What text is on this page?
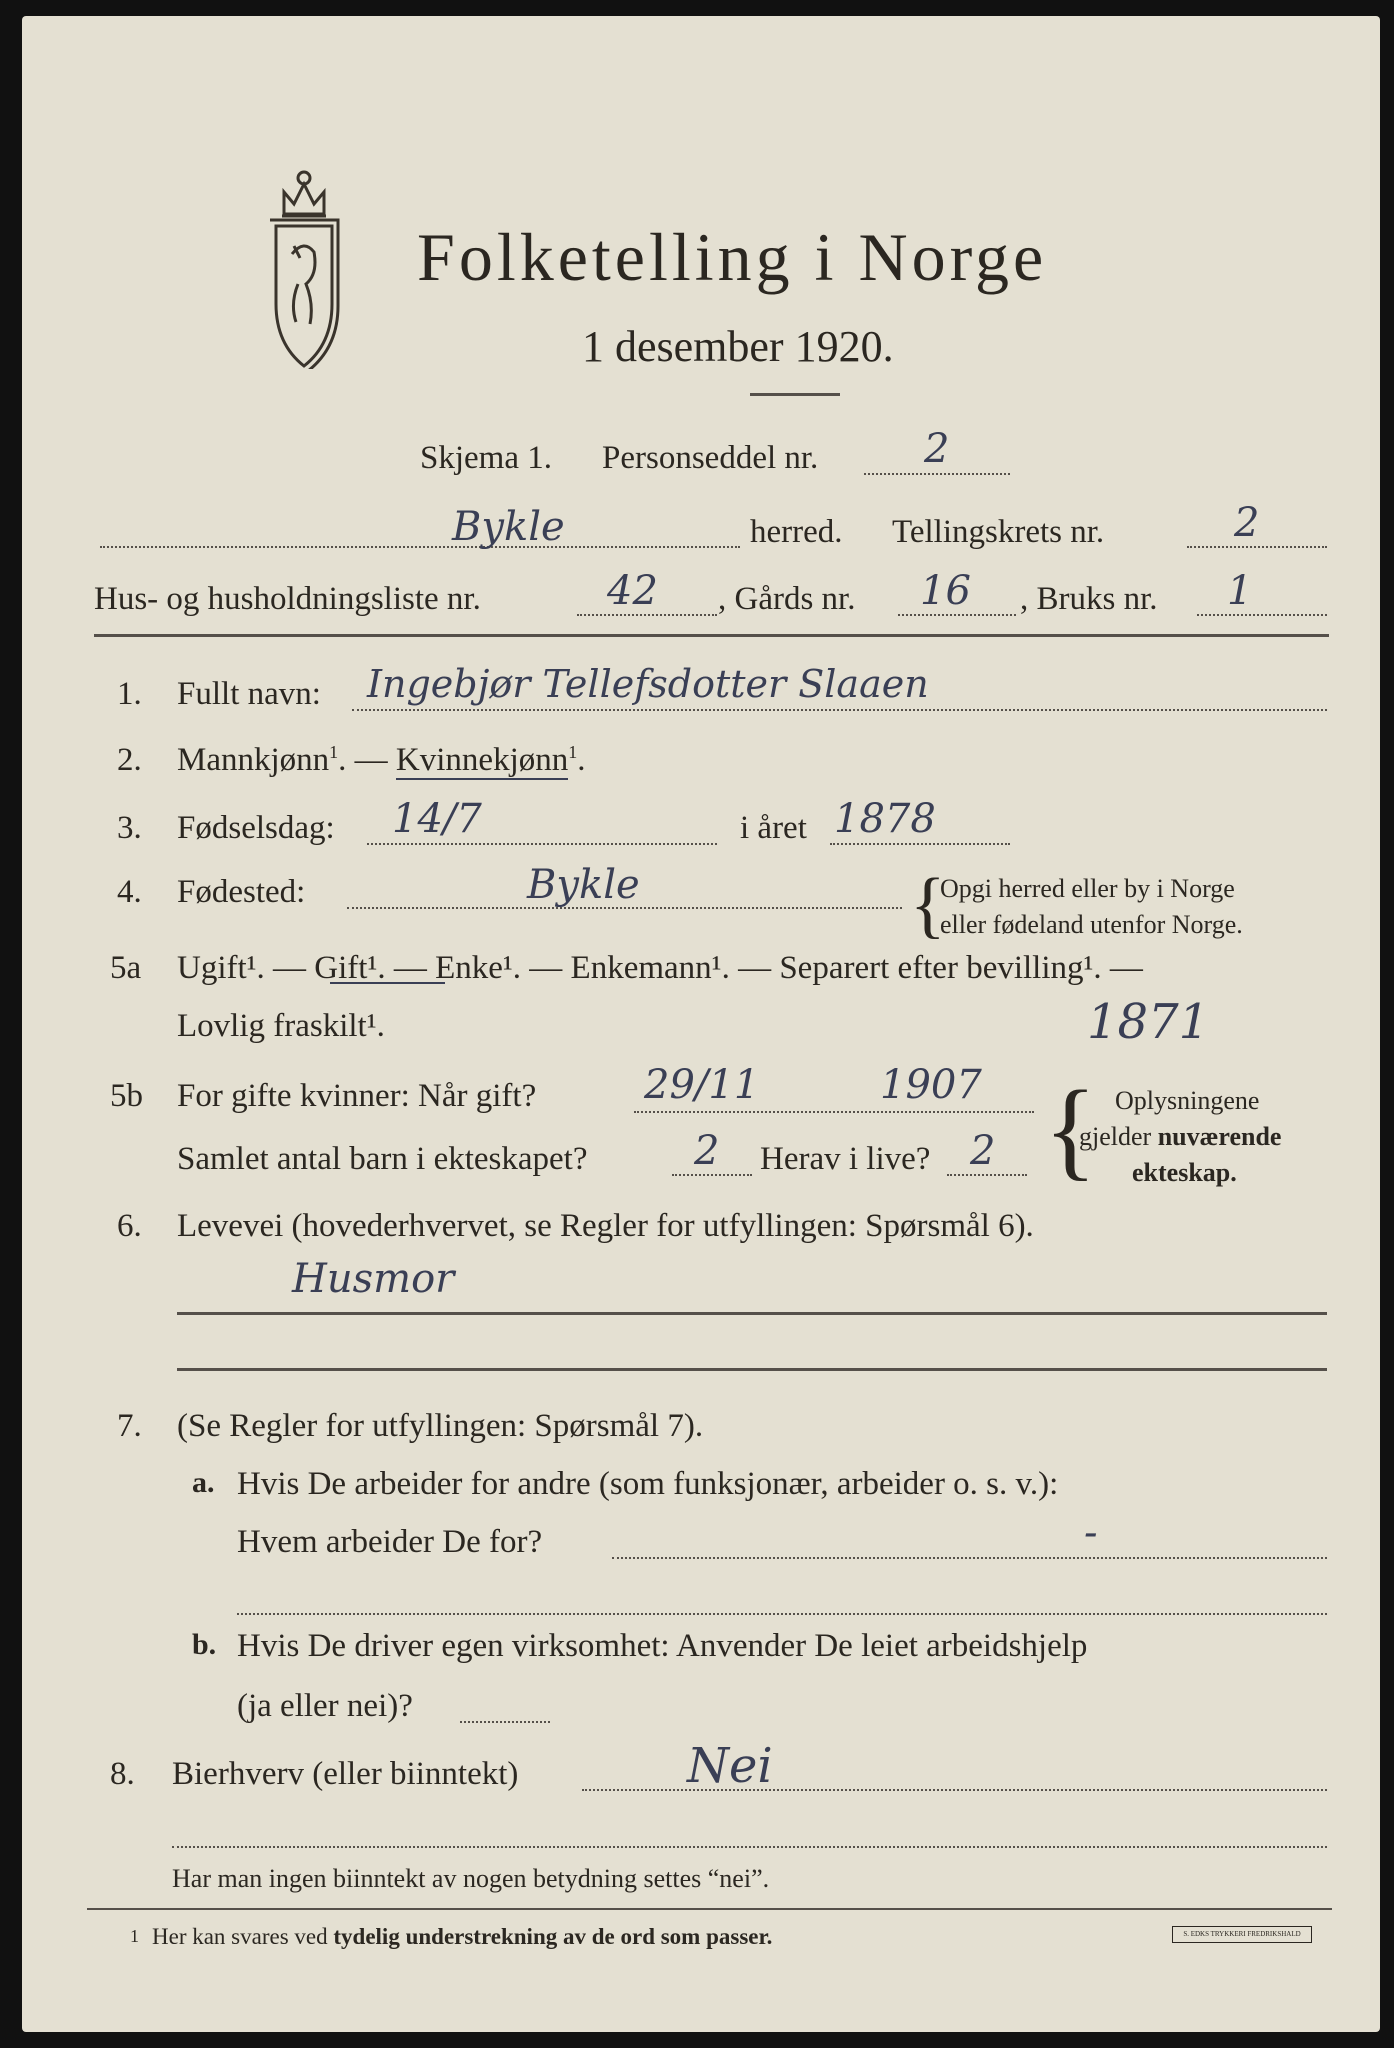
Folketelling i Norge
1 desember 1920.
Skjema 1. Personseddel nr.	2
Bykle	herred. Tellingskrets nr.	2
Hus- og husholdningsliste nr.	42 , Gårds nr. 16 , Bruks nr. 1
1. Fullt navn: Ingebjør Tellefsdotter Slaaen
2. Mannkjønn$^1$. — Kvinnekjønn$^1$.
3. Fødselsdag: 14/7	i året 1878
4. Fødested:	Bykle	{
Opgi herred eller by i Norge
eller fødeland utenfor Norge.
5a Ugift¹. — Gift¹. — Enke¹. — Enkemann¹. — Separert efter bevilling¹. —
Lovlig fraskilt¹.	1871
5b For gifte kvinner: Når gift?	29/11	1907
Samlet antal barn i ekteskapet?	2 Herav i live? 2 { Oplysningene
gjelder nuværende
ekteskap.
6. Levevei (hovederhvervet, se Regler for utfyllingen: Spørsmål 6).
Husmor
7. (Se Regler for utfyllingen: Spørsmål 7).
a. Hvis De arbeider for andre (som funksjonær, arbeider o. s. v.):
Hvem arbeider De for?	-
b. Hvis De driver egen virksomhet: Anvender De leiet arbeidshjelp
(ja eller nei)?
8. Bierhverv (eller biinntekt)	Nei
Har man ingen biinntekt av nogen betydning settes “nei”.
1 Her kan svares ved tydelig understrekning av de ord som passer.	S. EDKS TRYKKERI FREDRIKSHALD
